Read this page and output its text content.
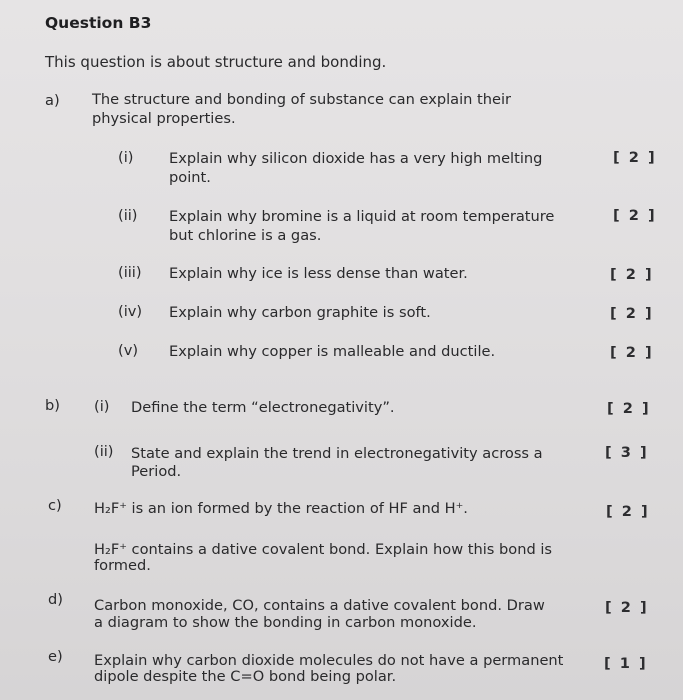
Question B3
This question is about structure and bonding.
a) The structure and bonding of substance can explain their
physical properties.
(i) Explain why silicon dioxide has a very high melting
point.
[ 2 ]
(ii) Explain why bromine is a liquid at room temperature
but chlorine is a gas.
[ 2 ]
(iii) Explain why ice is less dense than water.	[ 2 ]
(iv) Explain why carbon graphite is soft.	[ 2 ]
(v) Explain why copper is malleable and ductile.	[ 2 ]
b) (i) Define the term “electronegativity”.	[ 2 ]
(ii) State and explain the trend in electronegativity across a
Period.
[ 3 ]
c) H₂F⁺ is an ion formed by the reaction of HF and H⁺.	[ 2 ]
H₂F⁺ contains a dative covalent bond. Explain how this bond is
formed.
d) Carbon monoxide, CO, contains a dative covalent bond. Draw
a diagram to show the bonding in carbon monoxide.
[ 2 ]
e) Explain why carbon dioxide molecules do not have a permanent
dipole despite the C=O bond being polar.
[ 1 ]
